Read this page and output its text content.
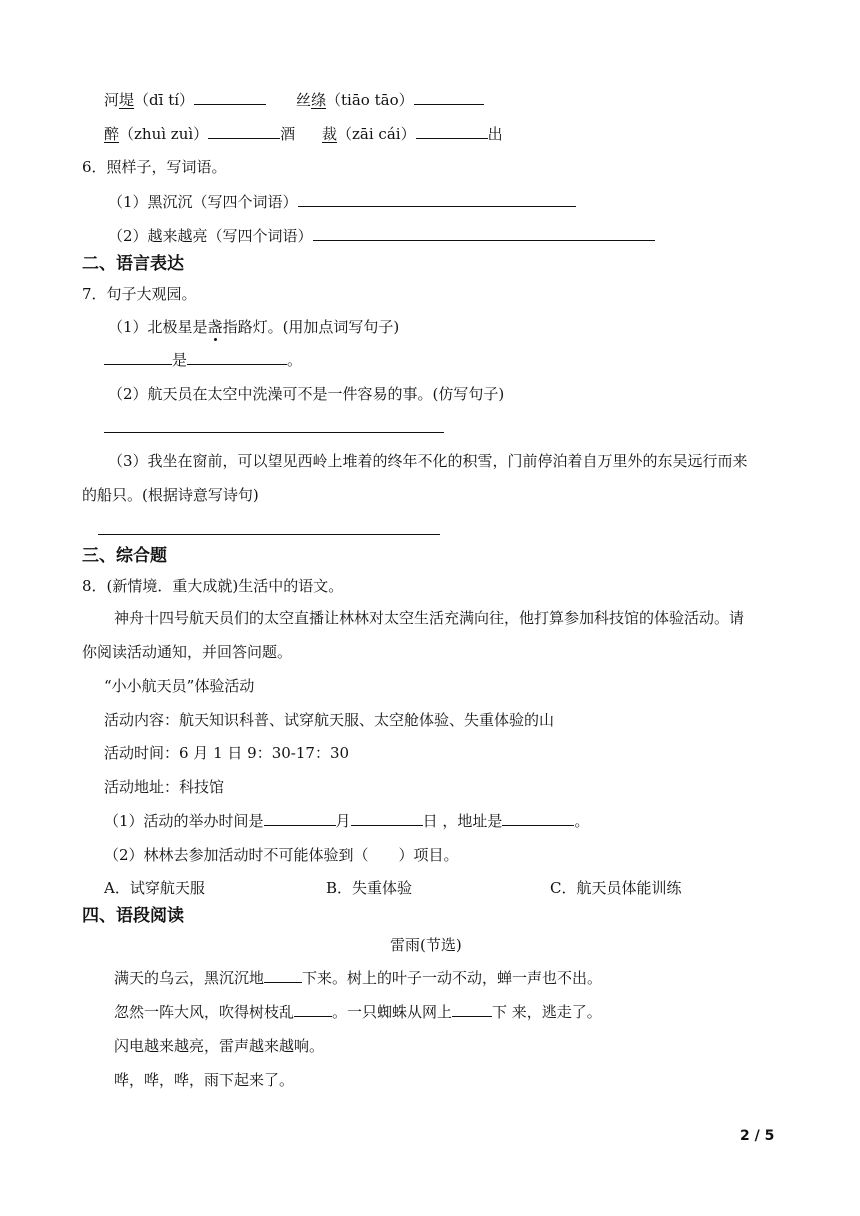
河堤（dī tí）	丝绦（tiāo tāo）
醉（zhuì zuì）	酒 裁（zāi cái）	出
6．照样子，写词语。
（1）黑沉沉（写四个词语）
（2）越来越亮（写四个词语）
二、语言表达
7．句子大观园。
（1）北极星是盏指路灯。(用加点词写句子)
是	。
（2）航天员在太空中洗澡可不是一件容易的事。(仿写句子)
（3）我坐在窗前，可以望见西岭上堆着的终年不化的积雪，门前停泊着自万里外的东吴远行而来
的船只。(根据诗意写诗句)
三、综合题
8．(新情境．重大成就)生活中的语文。
神舟十四号航天员们的太空直播让林林对太空生活充满向往，他打算参加科技馆的体验活动。请
你阅读活动通知，并回答问题。
“小小航天员”体验活动
活动内容：航天知识科普、试穿航天服、太空舱体验、失重体验的山
活动时间：6 月 1 日 9：30-17：30
活动地址：科技馆
（1）活动的举办时间是	月	日 ，地址是	。
（2）林林去参加活动时不可能体验到（　　）项目。
A．试穿航天服	B．失重体验	C．航天员体能训练
四、语段阅读
雷雨(节选)
满天的乌云，黑沉沉地	下来。树上的叶子一动不动，蝉一声也不出。
忽然一阵大风，吹得树枝乱	。一只蜘蛛从网上	下 来，逃走了。
闪电越来越亮，雷声越来越响。
哗，哗，哗，雨下起来了。
2 / 5
